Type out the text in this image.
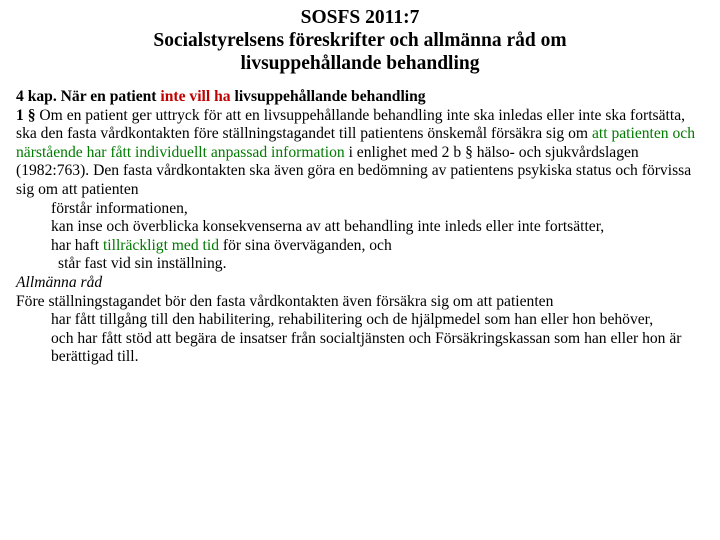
SOSFS 2011:7
Socialstyrelsens föreskrifter och allmänna råd om
livsuppehållande behandling

4 kap. När en patient inte vill ha livsuppehållande behandling

1 § Om en patient ger uttryck för att en livsuppehållande behandling inte ska inledas eller inte ska fortsätta, ska den fasta vårdkontakten före ställningstagandet till patientens önskemål försäkra sig om att patienten och närstående har fått individuellt anpassad information i enlighet med 2 b § hälso- och sjukvårdslagen (1982:763). Den fasta vårdkontakten ska även göra en bedömning av patientens psykiska status och förvissa sig om att patienten

förstår informationen,

kan inse och överblicka konsekvenserna av att behandling inte inleds eller inte fortsätter,

har haft tillräckligt med tid för sina överväganden, och

står fast vid sin inställning.

Allmänna råd

Före ställningstagandet bör den fasta vårdkontakten även försäkra sig om att patienten

har fått tillgång till den habilitering, rehabilitering och de hjälpmedel som han eller hon behöver,

och har fått stöd att begära de insatser från socialtjänsten och Försäkringskassan som han eller hon är berättigad till.
